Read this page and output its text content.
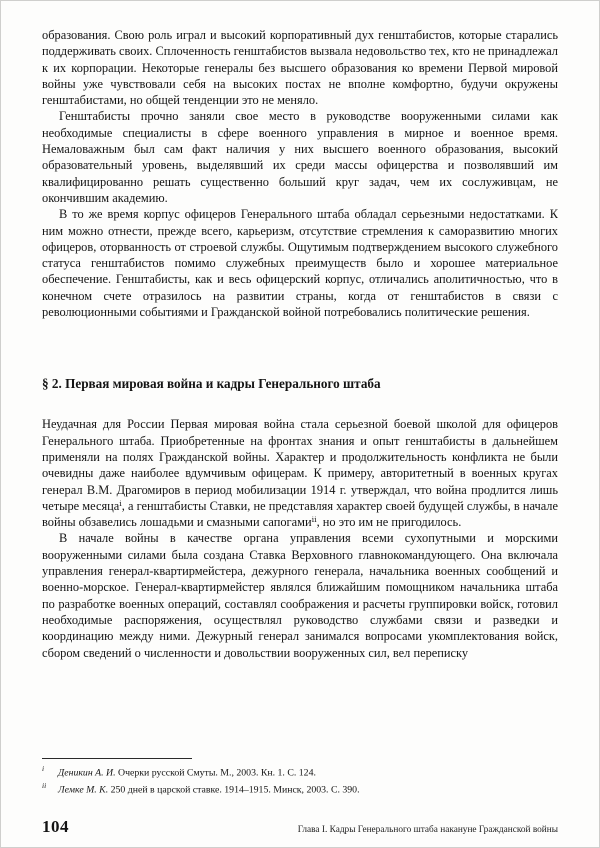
образования. Свою роль играл и высокий корпоративный дух генштабистов, которые старались поддерживать своих. Сплоченность генштабистов вызвала недовольство тех, кто не принадлежал к их корпорации. Некоторые генералы без высшего образования ко времени Первой мировой войны уже чувствовали себя на высоких постах не вполне комфортно, будучи окружены генштабистами, но общей тенденции это не меняло.

Генштабисты прочно заняли свое место в руководстве вооруженными силами как необходимые специалисты в сфере военного управления в мирное и военное время. Немаловажным был сам факт наличия у них высшего военного образования, высокий образовательный уровень, выделявший их среди массы офицерства и позволявший им квалифицированно решать существенно больший круг задач, чем их сослуживцам, не окончившим академию.

В то же время корпус офицеров Генерального штаба обладал серьезными недостатками. К ним можно отнести, прежде всего, карьеризм, отсутствие стремления к саморазвитию многих офицеров, оторванность от строевой службы. Ощутимым подтверждением высокого служебного статуса генштабистов помимо служебных преимуществ было и хорошее материальное обеспечение. Генштабисты, как и весь офицерский корпус, отличались аполитичностью, что в конечном счете отразилось на развитии страны, когда от генштабистов в связи с революционными событиями и Гражданской войной потребовались политические решения.

§ 2. Первая мировая война и кадры Генерального штаба

Неудачная для России Первая мировая война стала серьезной боевой школой для офицеров Генерального штаба. Приобретенные на фронтах знания и опыт генштабисты в дальнейшем применяли на полях Гражданской войны. Характер и продолжительность конфликта не были очевидны даже наиболее вдумчивым офицерам. К примеру, авторитетный в военных кругах генерал В.М. Драгомиров в период мобилизации 1914 г. утверждал, что война продлится лишь четыре месяцаⁱ, а генштабисты Ставки, не представляя характер своей будущей службы, в начале войны обзавелись лошадьми и смазными сапогамиⁱⁱ, но это им не пригодилось.

В начале войны в качестве органа управления всеми сухопутными и морскими вооруженными силами была создана Ставка Верховного главнокомандующего. Она включала управления генерал-квартирмейстера, дежурного генерала, начальника военных сообщений и военно-морское. Генерал-квартирмейстер являлся ближайшим помощником начальника штаба по разработке военных операций, составлял соображения и расчеты группировки войск, готовил необходимые распоряжения, осуществлял руководство службами связи и разведки и координацию между ними. Дежурный генерал занимался вопросами укомплектования войск, сбором сведений о численности и довольствии вооруженных сил, вел переписку

i Деникин А. И. Очерки русской Смуты. М., 2003. Кн. 1. С. 124.

ii Лемке М. К. 250 дней в царской ставке. 1914–1915. Минск, 2003. С. 390.

104	Глава I. Кадры Генерального штаба накануне Гражданской войны
